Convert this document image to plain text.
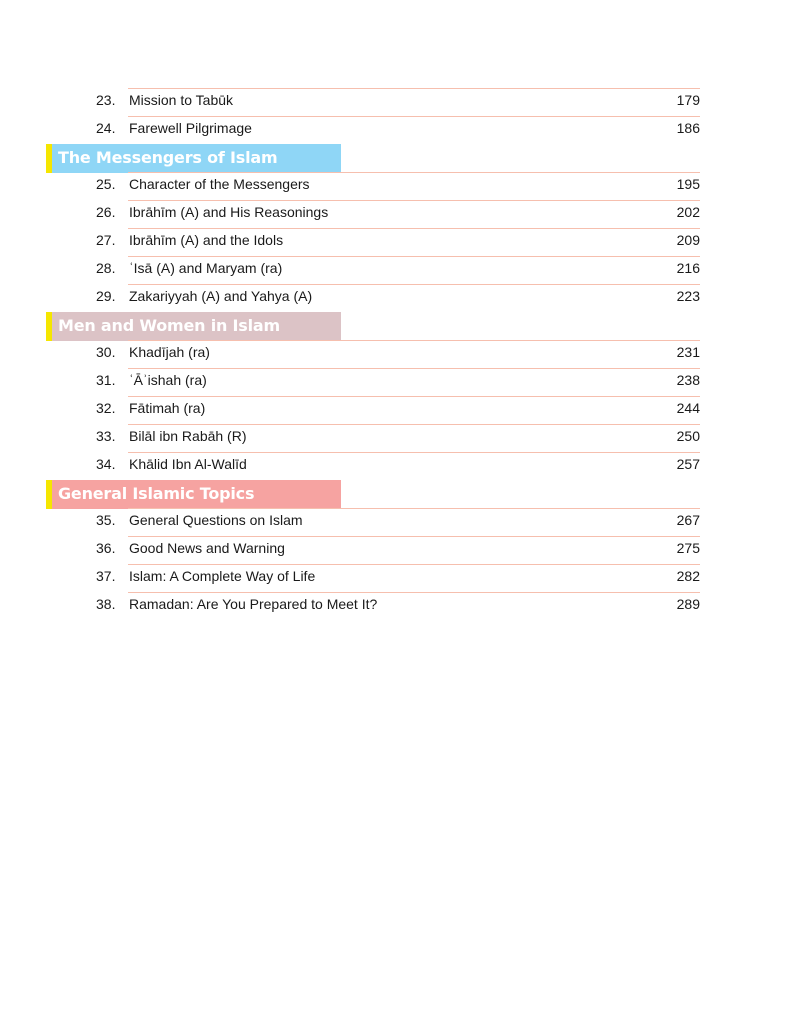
23. Mission to Tabūk	179
24. Farewell Pilgrimage	186
The Messengers of Islam
25. Character of the Messengers	195
26. Ibrāhīm (A) and His Reasonings	202
27. Ibrāhīm (A) and the Idols	209
28. ʿIsā (A) and Maryam (ra)	216
29. Zakariyyah (A) and Yahya (A)	223
Men and Women in Islam
30. Khadījah (ra)	231
31. ʿĀʾishah (ra)	238
32. Fātimah (ra)	244
33. Bilāl ibn Rabāh (R)	250
34. Khālid Ibn Al-Walīd	257
General Islamic Topics
35. General Questions on Islam	267
36. Good News and Warning	275
37. Islam: A Complete Way of Life	282
38. Ramadan: Are You Prepared to Meet It?	289
